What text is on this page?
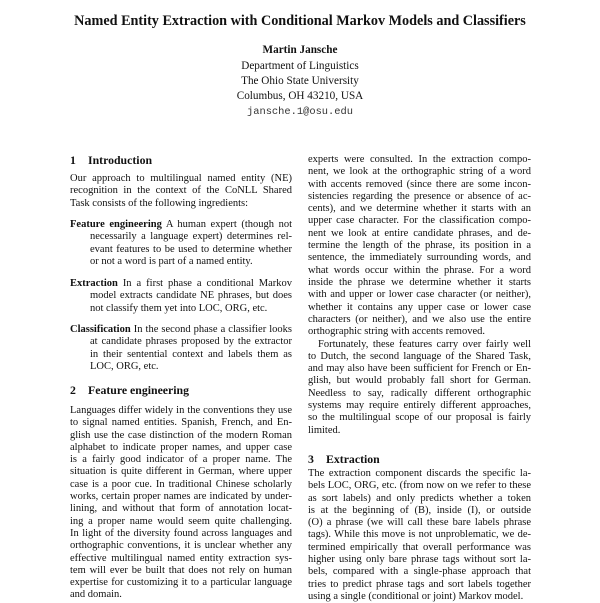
Named Entity Extraction with Conditional Markov Models and Classifiers
Martin Jansche
Department of Linguistics
The Ohio State University
Columbus, OH 43210, USA
jansche.1@osu.edu
1 Introduction
Our approach to multilingual named entity (NE)
recognition in the context of the CoNLL Shared
Task consists of the following ingredients:
Feature engineering A human expert (though not
necessarily a language expert) determines rel-
evant features to be used to determine whether
or not a word is part of a named entity.
Extraction In a first phase a conditional Markov
model extracts candidate NE phrases, but does
not classify them yet into LOC, ORG, etc.
Classification In the second phase a classifier looks
at candidate phrases proposed by the extractor
in their sentential context and labels them as
LOC, ORG, etc.
2 Feature engineering
Languages differ widely in the conventions they use
to signal named entities. Spanish, French, and En-
glish use the case distinction of the modern Roman
alphabet to indicate proper names, and upper case
is a fairly good indicator of a proper name. The
situation is quite different in German, where upper
case is a poor cue. In traditional Chinese scholarly
works, certain proper names are indicated by under-
lining, and without that form of annotation locat-
ing a proper name would seem quite challenging.
In light of the diversity found across languages and
orthographic conventions, it is unclear whether any
effective multilingual named entity extraction sys-
tem will ever be built that does not rely on human
expertise for customizing it to a particular language
and domain.
experts were consulted. In the extraction compo-
nent, we look at the orthographic string of a word
with accents removed (since there are some incon-
sistencies regarding the presence or absence of ac-
cents), and we determine whether it starts with an
upper case character. For the classification compo-
nent we look at entire candidate phrases, and de-
termine the length of the phrase, its position in a
sentence, the immediately surrounding words, and
what words occur within the phrase. For a word
inside the phrase we determine whether it starts
with and upper or lower case character (or neither),
whether it contains any upper case or lower case
characters (or neither), and we also use the entire
orthographic string with accents removed.
Fortunately, these features carry over fairly well
to Dutch, the second language of the Shared Task,
and may also have been sufficient for French or En-
glish, but would probably fall short for German.
Needless to say, radically different orthographic
systems may require entirely different approaches,
so the multilingual scope of our proposal is fairly
limited.
3 Extraction
The extraction component discards the specific la-
bels LOC, ORG, etc. (from now on we refer to these
as sort labels) and only predicts whether a token
is at the beginning of (B), inside (I), or outside
(O) a phrase (we will call these bare labels phrase
tags). While this move is not unproblematic, we de-
termined empirically that overall performance was
higher using only bare phrase tags without sort la-
bels, compared with a single-phase approach that
tries to predict phrase tags and sort labels together
using a single (conditional or joint) Markov model.
